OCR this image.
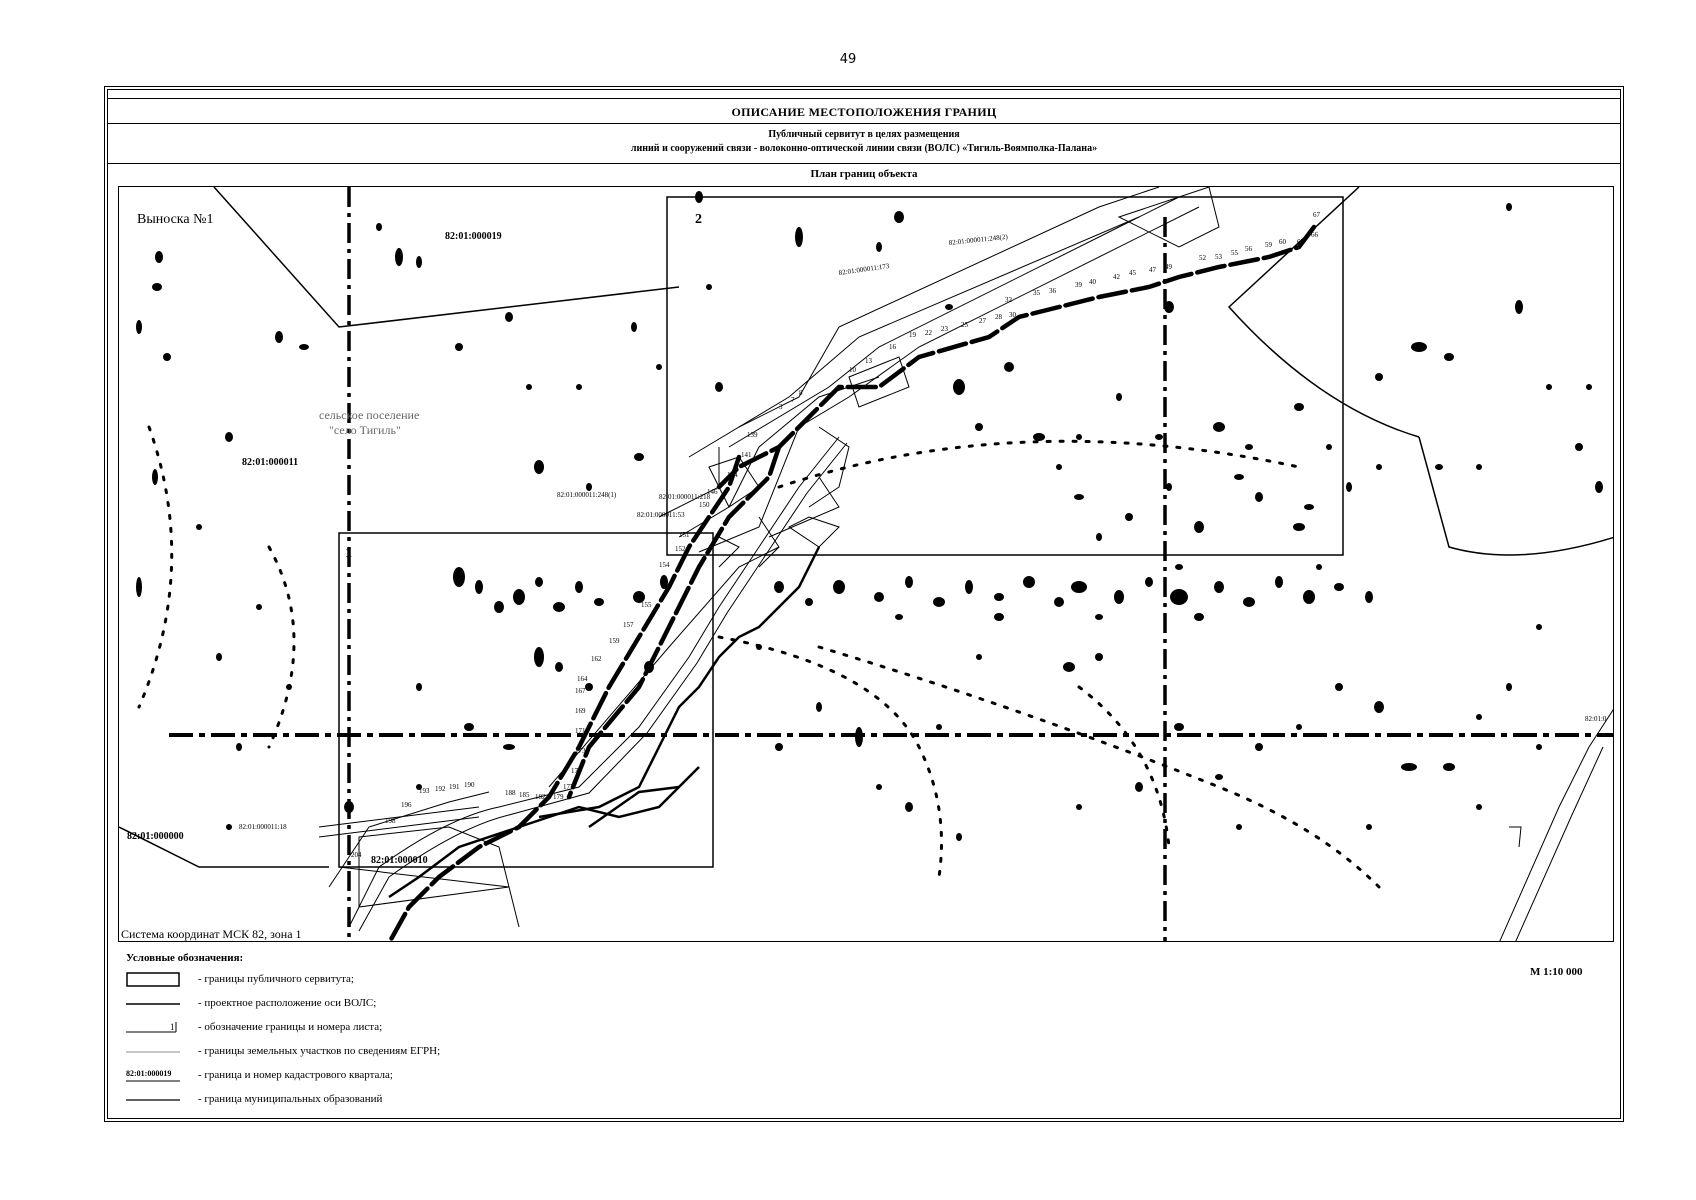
49
ОПИСАНИЕ МЕСТОПОЛОЖЕНИЯ ГРАНИЦ
Публичный сервитут в целях размещения
линий и сооружений связи - волоконно-оптической линии связи (ВОЛС) «Тигиль-Воямполка-Палана»
План границ объекта
67
66
60 63
59
56
55
52 53
49
47
45
42
40
39
36
35
32
30
27 28
25
23
22
19
16
13
10
8
7
3
139
141
144
146
150
151
152
154
155
157
159
162
164
167
169
171
173
175
177
179
182
185
188
190
191
192
193
196
198
204
Выноска №1	2
1
сельское поселение
"село Тигиль"
82:01:000019
82:01:000011
82:01:000000
82:01:000010
82:01:0
82:01:000011:248(2)
82:01:000011:173
82:01:000011:248(1)	82:01:000011:218
82:01:000011:53
82:01:000011:18
Система координат МСК 82, зона 1
Условные обозначения:
- границы публичного сервитута;
- проектное расположение оси ВОЛС;
1 - обозначение границы и номера листа;
- границы земельных участков по сведениям ЕГРН;
82:01:000019 - граница и номер кадастрового квартала;
- граница муниципальных образований
М 1:10 000
